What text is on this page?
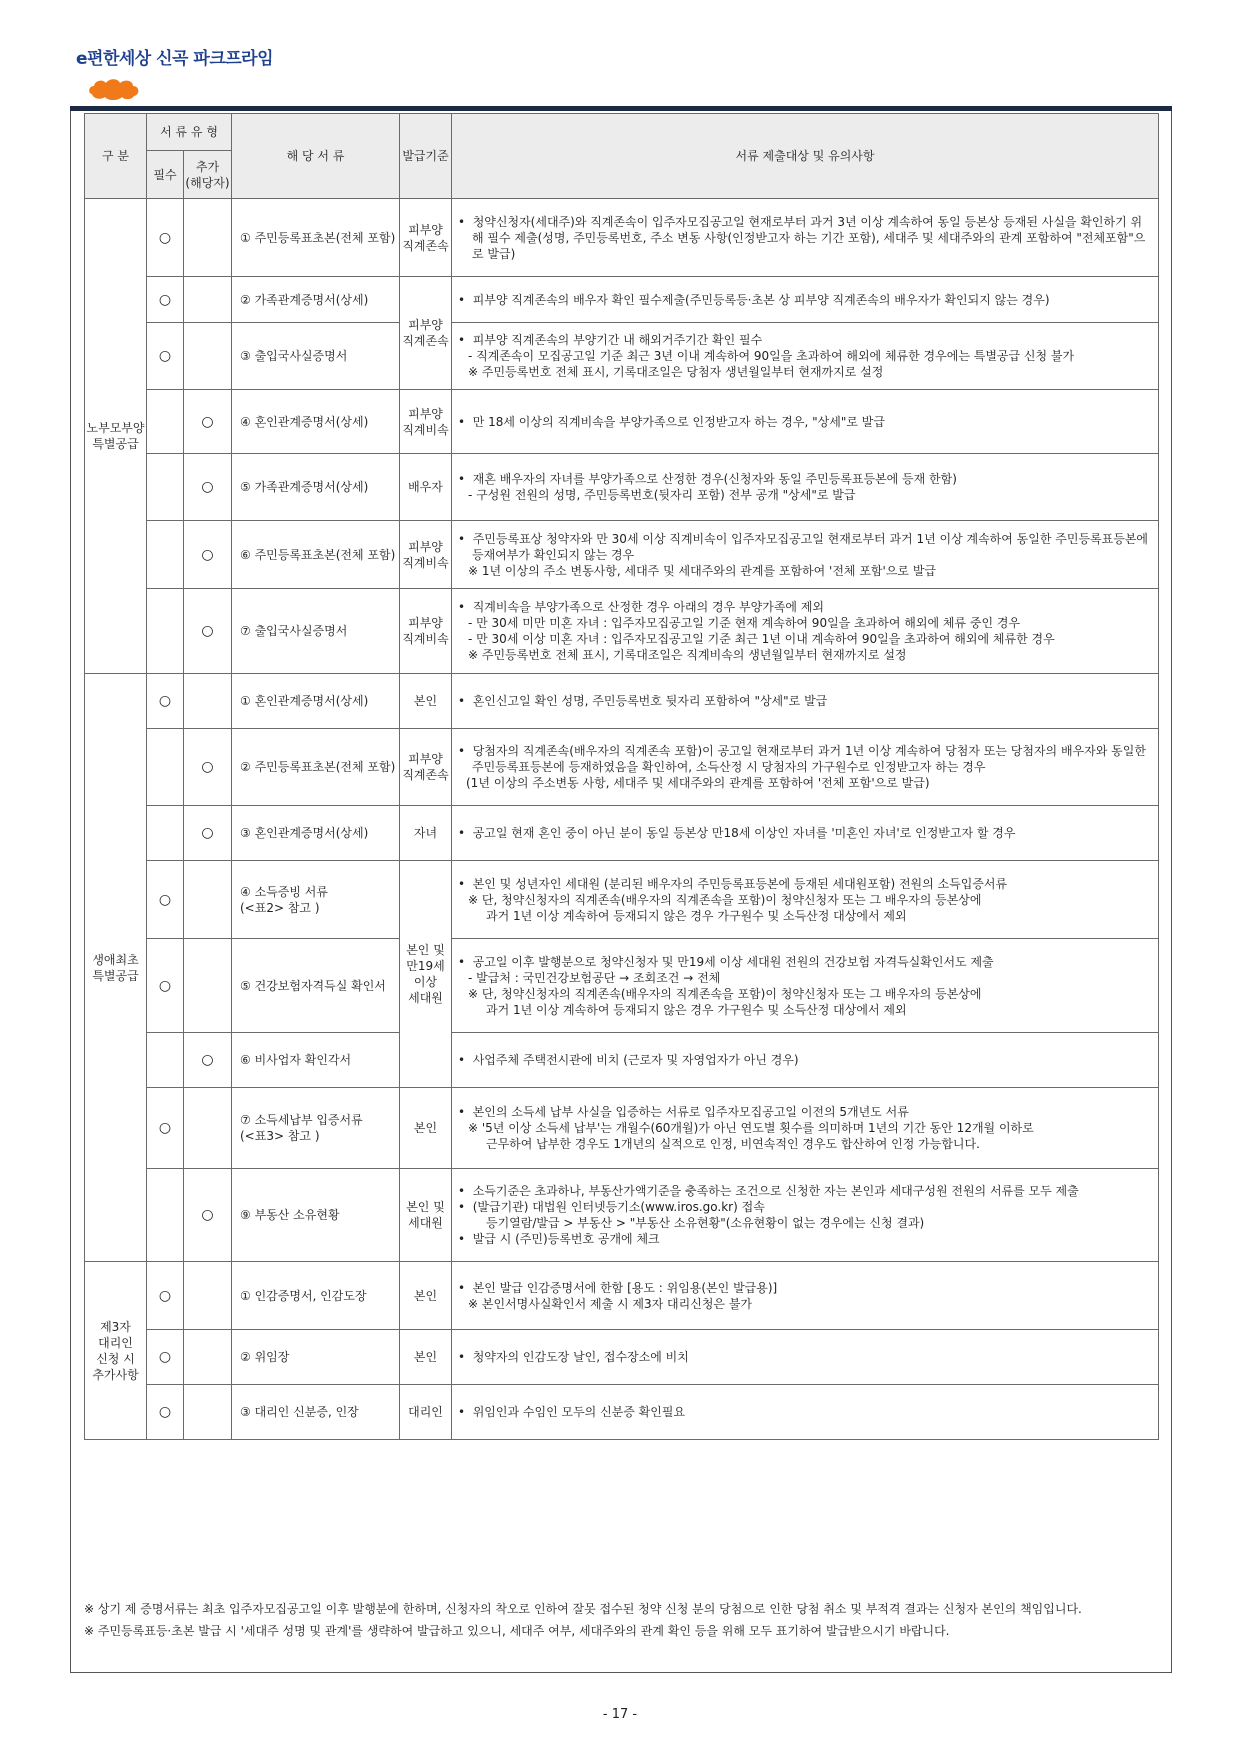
e편한세상 신곡 파크프라임
구 분	서 류 유 형		해 당 서 류	발급기준	서류 제출대상 및 유의사항
	필수	추가
(해당자)			
노부모부양
특별공급	○		① 주민등록표초본(전체 포함)	피부양
직계존속	•  청약신청자(세대주)와 직계존속이 입주자모집공고일 현재로부터 과거 3년 이상 계속하여 동일 등본상 등재된 사실을 확인하기 위해 필수 제출(성명, 주민등록번호, 주소 변동 사항(인정받고자 하는 기간 포함), 세대주 및 세대주와의 관계 포함하여 "전체포함"으로 발급)

	○		② 가족관계증명서(상세)	피부양
직계존속	•  피부양 직계존속의 배우자 확인 필수제출(주민등록등·초본 상 피부양 직계존속의 배우자가 확인되지 않는 경우)

	○		③ 출입국사실증명서		•  피부양 직계존속의 부양기간 내 해외거주기간 확인 필수
- 직계존속이 모집공고일 기준 최근 3년 이내 계속하여 90일을 초과하여 해외에 체류한 경우에는 특별공급 신청 불가
※ 주민등록번호 전체 표시, 기록대조일은 당첨자 생년월일부터 현재까지로 설정

		○	④ 혼인관계증명서(상세)	피부양
직계비속	•  만 18세 이상의 직계비속을 부양가족으로 인정받고자 하는 경우, "상세"로 발급

		○	⑤ 가족관계증명서(상세)	배우자	•  재혼 배우자의 자녀를 부양가족으로 산정한 경우(신청자와 동일 주민등록표등본에 등재 한함)
- 구성원 전원의 성명, 주민등록번호(뒷자리 포함) 전부 공개 "상세"로 발급

		○	⑥ 주민등록표초본(전체 포함)	피부양
직계비속	•  주민등록표상 청약자와 만 30세 이상 직계비속이 입주자모집공고일 현재로부터 과거 1년 이상 계속하여 동일한 주민등록표등본에 등재여부가 확인되지 않는 경우
※ 1년 이상의 주소 변동사항, 세대주 및 세대주와의 관계를 포함하여 '전체 포함'으로 발급

		○	⑦ 출입국사실증명서	피부양
직계비속	•  직계비속을 부양가족으로 산정한 경우 아래의 경우 부양가족에 제외
- 만 30세 미만 미혼 자녀 : 입주자모집공고일 기준 현재 계속하여 90일을 초과하여 해외에 체류 중인 경우
- 만 30세 이상 미혼 자녀 : 입주자모집공고일 기준 최근 1년 이내 계속하여 90일을 초과하여 해외에 체류한 경우
※ 주민등록번호 전체 표시, 기록대조일은 직계비속의 생년월일부터 현재까지로 설정

생애최초
특별공급	○		① 혼인관계증명서(상세)	본인	•  혼인신고일 확인 성명, 주민등록번호 뒷자리 포함하여 "상세"로 발급

		○	② 주민등록표초본(전체 포함)	피부양
직계존속	•  당첨자의 직계존속(배우자의 직계존속 포함)이 공고일 현재로부터 과거 1년 이상 계속하여 당첨자 또는 당첨자의 배우자와 동일한 주민등록표등본에 등재하였음을 확인하여, 소득산정 시 당첨자의 가구원수로 인정받고자 하는 경우
(1년 이상의 주소변동 사항, 세대주 및 세대주와의 관계를 포함하여 '전체 포함'으로 발급)

		○	③ 혼인관계증명서(상세)	자녀	•  공고일 현재 혼인 중이 아닌 분이 동일 등본상 만18세 이상인 자녀를 '미혼인 자녀'로 인정받고자 할 경우

	○		④ 소득증빙 서류
(<표2> 참고 )	본인 및
만19세
이상
세대원	•  본인 및 성년자인 세대원 (분리된 배우자의 주민등록표등본에 등재된 세대원포함) 전원의 소득입증서류
※ 단, 청약신청자의 직계존속(배우자의 직계존속을 포함)이 청약신청자 또는 그 배우자의 등본상에
과거 1년 이상 계속하여 등재되지 않은 경우 가구원수 및 소득산정 대상에서 제외

	○		⑤ 건강보험자격득실 확인서		•  공고일 이후 발행분으로 청약신청자 및 만19세 이상 세대원 전원의 건강보험 자격득실확인서도 제출
- 발급처 : 국민건강보험공단 → 조회조건 → 전체
※ 단, 청약신청자의 직계존속(배우자의 직계존속을 포함)이 청약신청자 또는 그 배우자의 등본상에
과거 1년 이상 계속하여 등재되지 않은 경우 가구원수 및 소득산정 대상에서 제외

		○	⑥ 비사업자 확인각서		•  사업주체 주택전시관에 비치 (근로자 및 자영업자가 아닌 경우)

	○		⑦ 소득세납부 입증서류
(<표3> 참고 )	본인	•  본인의 소득세 납부 사실을 입증하는 서류로 입주자모집공고일 이전의 5개년도 서류
※ '5년 이상 소득세 납부'는 개월수(60개월)가 아닌 연도별 횟수를 의미하며 1년의 기간 동안 12개월 이하로
근무하여 납부한 경우도 1개년의 실적으로 인정, 비연속적인 경우도 합산하여 인정 가능합니다.

		○	⑨ 부동산 소유현황	본인 및
세대원	•  소득기준은 초과하나, 부동산가액기준을 충족하는 조건으로 신청한 자는 본인과 세대구성원 전원의 서류를 모두 제출
•  (발급기관) 대법원 인터넷등기소(www.iros.go.kr) 접속
등기열람/발급 > 부동산 > "부동산 소유현황"(소유현황이 없는 경우에는 신청 결과)
•  발급 시 (주민)등록번호 공개에 체크

제3자
대리인
신청 시
추가사항	○		① 인감증명서, 인감도장	본인	•  본인 발급 인감증명서에 한함 [용도 : 위임용(본인 발급용)]
※ 본인서명사실확인서 제출 시 제3자 대리신청은 불가

	○		② 위임장	본인	•  청약자의 인감도장 날인, 접수장소에 비치

	○		③ 대리인 신분증, 인장	대리인	•  위임인과 수임인 모두의 신분증 확인필요
※ 상기 제 증명서류는 최초 입주자모집공고일 이후 발행분에 한하며, 신청자의 착오로 인하여 잘못 접수된 청약 신청 분의 당첨으로 인한 당첨 취소 및 부적격 결과는 신청자 본인의 책임입니다.
※ 주민등록표등·초본 발급 시 '세대주 성명 및 관계'를 생략하여 발급하고 있으니, 세대주 여부, 세대주와의 관계 확인 등을 위해 모두 표기하여 발급받으시기 바랍니다.
- 17 -
